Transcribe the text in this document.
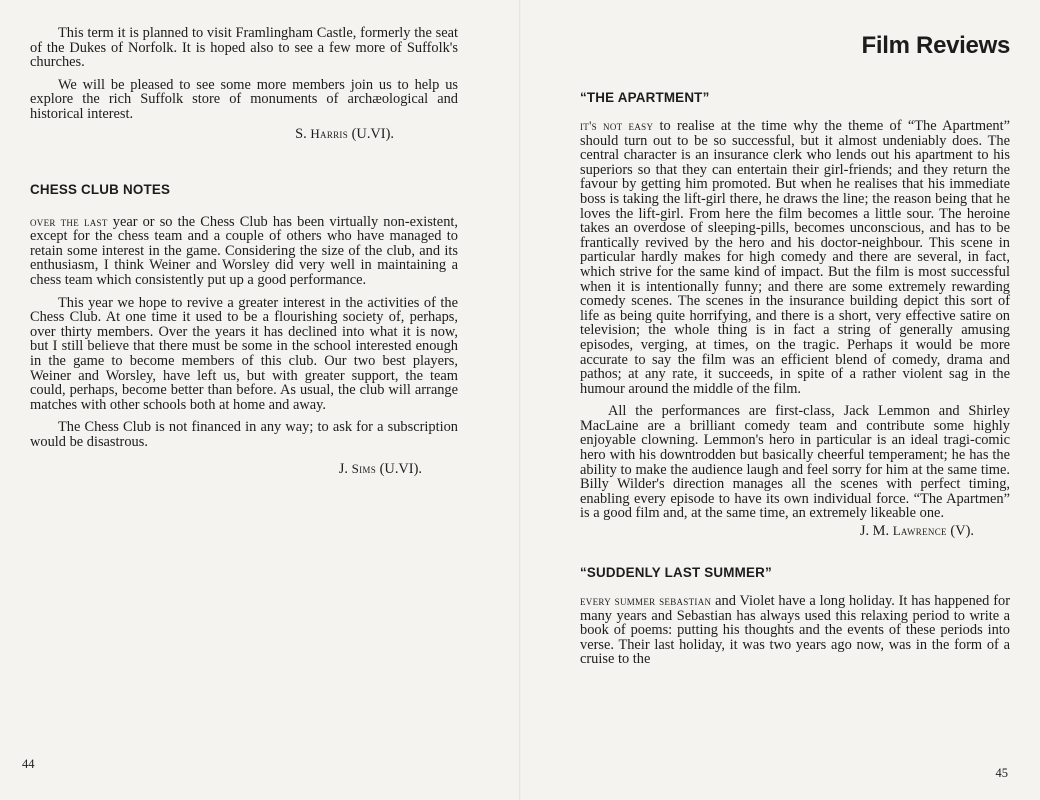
This term it is planned to visit Framlingham Castle, formerly the seat of the Dukes of Norfolk. It is hoped also to see a few more of Suffolk's churches.

We will be pleased to see some more members join us to help us explore the rich Suffolk store of monuments of archæological and historical interest.

S. Harris (U.VI).
CHESS CLUB NOTES

over the last year or so the Chess Club has been virtually non-existent, except for the chess team and a couple of others who have managed to retain some interest in the game. Considering the size of the club, and its enthusiasm, I think Weiner and Worsley did very well in maintaining a chess team which consistently put up a good performance.

This year we hope to revive a greater interest in the activities of the Chess Club. At one time it used to be a flourishing society of, perhaps, over thirty members. Over the years it has declined into what it is now, but I still believe that there must be some in the school interested enough in the game to become members of this club. Our two best players, Weiner and Worsley, have left us, but with greater support, the team could, perhaps, become better than before. As usual, the club will arrange matches with other schools both at home and away.

The Chess Club is not financed in any way; to ask for a subscription would be disastrous.

J. Sims (U.VI).
44
Film Reviews
“THE APARTMENT”

it's not easy to realise at the time why the theme of “The Apartment” should turn out to be so successful, but it almost undeniably does. The central character is an insurance clerk who lends out his apartment to his superiors so that they can entertain their girl-friends; and they return the favour by getting him promoted. But when he realises that his immediate boss is taking the lift-girl there, he draws the line; the reason being that he loves the lift-girl. From here the film becomes a little sour. The heroine takes an overdose of sleeping-pills, becomes unconscious, and has to be frantically revived by the hero and his doctor-neighbour. This scene in particular hardly makes for high comedy and there are several, in fact, which strive for the same kind of impact. But the film is most successful when it is intentionally funny; and there are some extremely rewarding comedy scenes. The scenes in the insurance building depict this sort of life as being quite horrifying, and there is a short, very effective satire on television; the whole thing is in fact a string of generally amusing episodes, verging, at times, on the tragic. Perhaps it would be more accurate to say the film was an efficient blend of comedy, drama and pathos; at any rate, it succeeds, in spite of a rather violent sag in the humour around the middle of the film.

All the performances are first-class, Jack Lemmon and Shirley MacLaine are a brilliant comedy team and contribute some highly enjoyable clowning. Lemmon's hero in particular is an ideal tragi-comic hero with his downtrodden but basically cheerful temperament; he has the ability to make the audience laugh and feel sorry for him at the same time. Billy Wilder's direction manages all the scenes with perfect timing, enabling every episode to have its own individual force. “The Apartmen” is a good film and, at the same time, an extremely likeable one.

J. M. Lawrence (V).
“SUDDENLY LAST SUMMER”

every summer sebastian and Violet have a long holiday. It has happened for many years and Sebastian has always used this relaxing period to write a book of poems: putting his thoughts and the events of these periods into verse. Their last holiday, it was two years ago now, was in the form of a cruise to the

45
